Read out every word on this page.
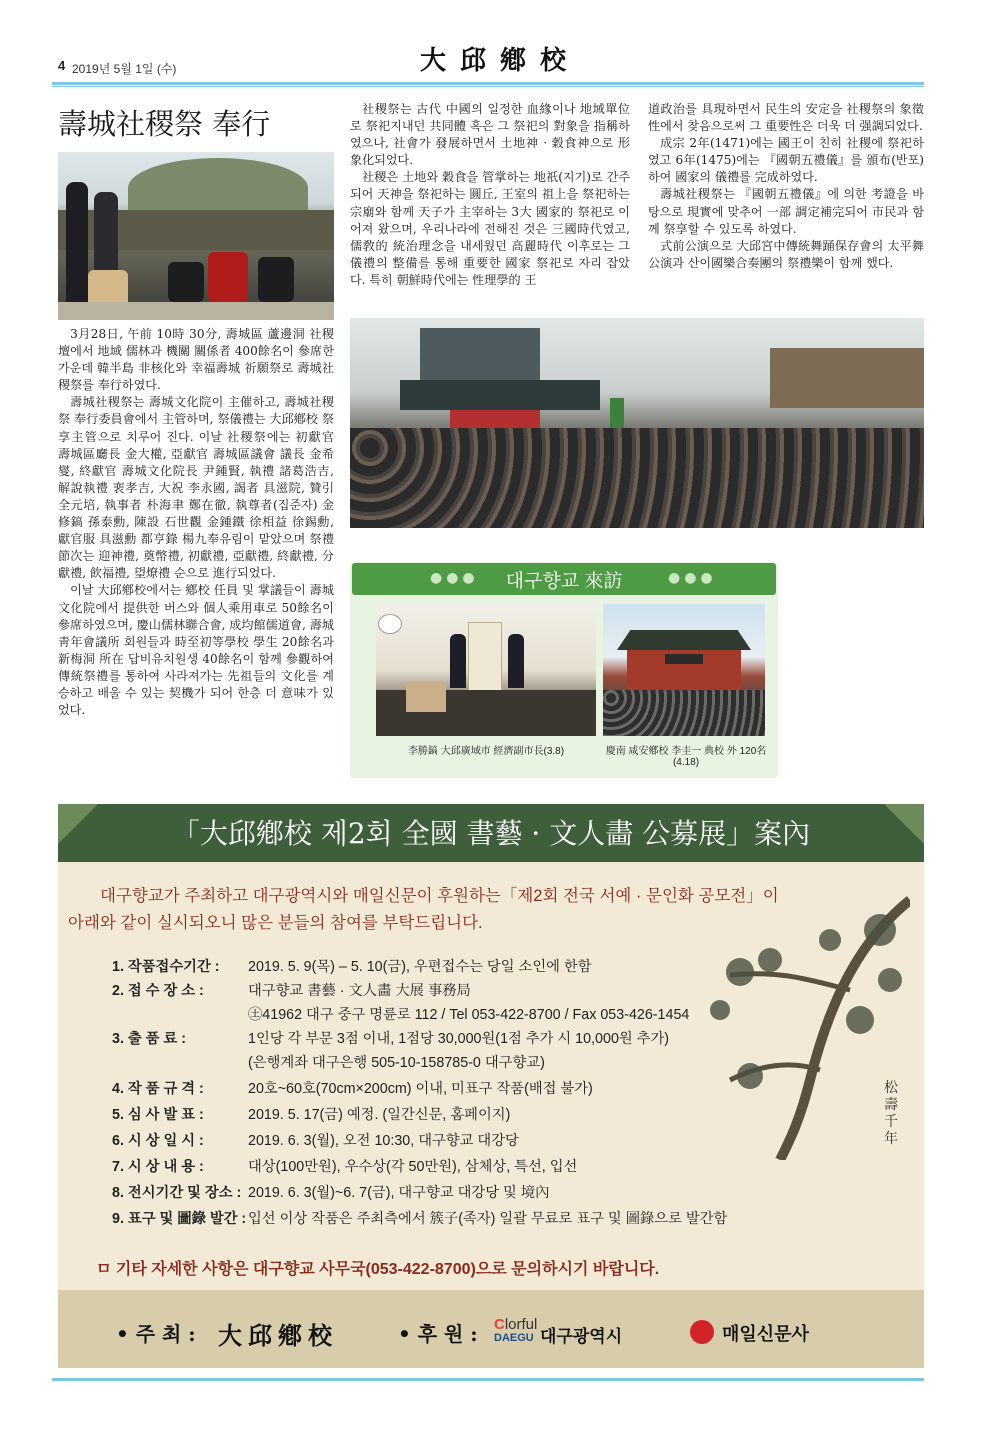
4 2019년 5월 1일 (수)	大邱鄕校
壽城社稷祭 奉行

3月28日, 午前 10時 30分, 壽城區 蘆邊洞 社稷壇에서 地域 儒林과 機關 關係者 400餘名이 參席한 가운데 韓半島 非核化와 幸福壽城 祈願祭로 壽城社稷祭를 奉行하였다.

壽城社稷祭는 壽城文化院이 主催하고, 壽城社稷祭 奉行委員會에서 主管하며, 祭儀禮는 大邱鄕校 祭享主管으로 치루어 진다. 이날 社稷祭에는 初獻官 壽城區廳長 金大權, 亞獻官 壽城區議會 議長 金希燮, 終獻官 壽城文化院長 尹鍾賢, 執禮 諸葛浩吉, 解說執禮 裵孝吉, 大祝 李永國, 謁者 具滋院, 贊引 全元培, 執事者 朴海聿 鄭在徹, 執尊者(집준자) 金修鎬 孫泰勳, 陳設 石世觀 金鍾鐵 徐相益 徐錫勳, 獻官服 具滋勳 都亨錄 楊九奉유림이 맡았으며 祭禮 節次는 迎神禮, 奠幣禮, 初獻禮, 亞獻禮, 終獻禮, 分獻禮, 飮福禮, 望燎禮 순으로 進行되었다.

이날 大邱鄕校에서는 鄕校 任員 및 掌議들이 壽城文化院에서 提供한 버스와 個人乘用車로 50餘名이 參席하였으며, 慶山儒林聯合會, 成均館儒道會, 壽城靑年會議所 회원들과 時至初等學校 學生 20餘名과 新梅洞 所在 답비유치원생 40餘名이 함께 參觀하여 傳統祭禮를 통하여 사라져가는 先祖들의 文化를 계승하고 배울 수 있는 契機가 되어 한층 더 意味가 있었다.

社稷祭는 古代 中國의 일정한 血緣이나 地域單位로 祭祀지내던 共同體 혹은 그 祭祀의 對象을 指稱하였으나, 社會가 發展하면서 土地神 · 穀食神으로 形象化되었다.

社稷은 土地와 穀食을 管掌하는 地祇(지기)로 간주되어 天神을 祭祀하는 圓丘, 王室의 祖上을 祭祀하는 宗廟와 함께 天子가 主宰하는 3大 國家的 祭祀로 이어져 왔으며, 우리나라에 전해진 것은 三國時代였고, 儒敎的 統治理念을 내세웠던 高麗時代 이후로는 그 儀禮의 整備를 통해 重要한 國家 祭祀로 자리 잡았다. 특히 朝鮮時代에는 性理學的 王

道政治를 具現하면서 民生의 安定을 社稷祭의 象徵性에서 찾음으로써 그 重要性은 더욱 더 强調되었다.

成宗 2年(1471)에는 國王이 친히 社稷에 祭祀하였고 6年(1475)에는 『國朝五禮儀』를 頒布(반포)하여 國家의 儀禮를 完成하였다.

壽城社稷祭는 『國朝五禮儀』에 의한 考證을 바탕으로 現實에 맞추어 一部 調定補完되어 市民과 함께 祭享할 수 있도록 하였다.

式前公演으로 大邱宮中傳統舞踊保存會의 太平舞 公演과 산이國樂合奏團의 祭禮樂이 함께 했다.

●●●	대구향교 來訪	●●●
李勝鎬 大邱廣域市 經濟副市長(3.8)	慶南 咸安鄕校 李圭一 典校 外 120名 (4.18)
「大邱鄕校 제2회 全國 書藝 · 文人畵 公募展」案內
대구향교가 주최하고 대구광역시와 매일신문이 후원하는「제2회 전국 서예 · 문인화 공모전」이
아래와 같이 실시되오니 많은 분들의 참여를 부탁드립니다.
松壽千年
1. 작품접수기간 : 2019. 5. 9(목) – 5. 10(금), 우편접수는 당일 소인에 한함
2. 접 수 장 소 :	대구향교 書藝 · 文人畵 大展 事務局
㊏41962 대구 중구 명륜로 112 / Tel 053-422-8700 / Fax 053-426-1454
3. 출 품 료 :	1인당 각 부문 3점 이내, 1점당 30,000원(1점 추가 시 10,000원 추가)
(은행계좌 대구은행 505-10-158785-0 대구향교)
4. 작 품 규 격 :	20호~60호(70cm×200cm) 이내, 미표구 작품(배접 불가)
5. 심 사 발 표 :	2019. 5. 17(금) 예정. (일간신문, 홈페이지)
6. 시 상 일 시 :	2019. 6. 3(월), 오전 10:30, 대구향교 대강당
7. 시 상 내 용 :	대상(100만원), 우수상(각 50만원), 삼체상, 특선, 입선
8. 전시기간 및 장소 : 2019. 6. 3(월)~6. 7(금), 대구향교 대강당 및 境內
9. 표구 및 圖錄 발간 : 입선 이상 작품은 주최측에서 簇子(족자) 일괄 무료로 표구 및 圖錄으로 발간함
ㅁ 기타 자세한 사항은 대구향교 사무국(053-422-8700)으로 문의하시기 바랍니다.
• 주 최 : 大邱鄕校	• 후 원 : Clorful
DAEGU 대구광역시	매일신문사
